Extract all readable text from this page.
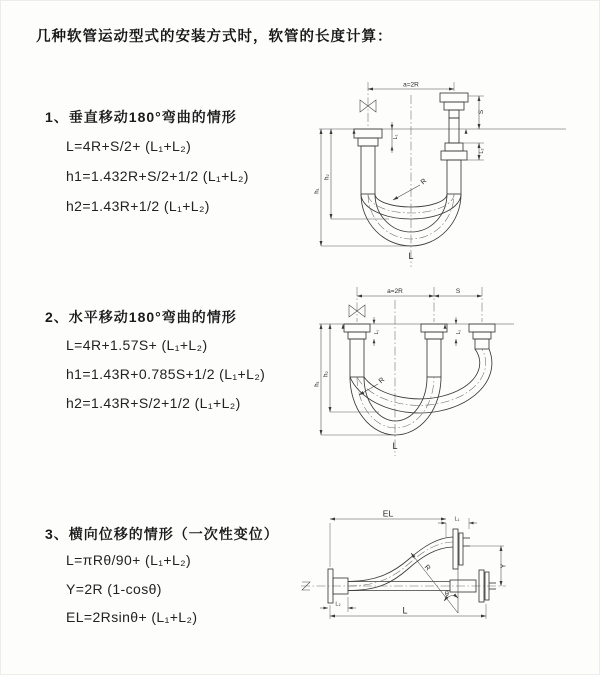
几种软管运动型式的安装方式时，软管的长度计算：
1、垂直移动180°弯曲的情形
L=4R+S/2+ (L₁+L₂)
h1=1.432R+S/2+1/2 (L₁+L₂)
h2=1.43R+1/2 (L₁+L₂)
2、水平移动180°弯曲的情形
L=4R+1.57S+ (L₁+L₂)
h1=1.43R+0.785S+1/2 (L₁+L₂)
h2=1.43R+S/2+1/2 (L₁+L₂)
3、横向位移的情形（一次性变位）
L=πRθ/90+ (L₁+L₂)
Y=2R (1-cosθ)
EL=2Rsinθ+ (L₁+L₂)
a=2R
h₁
h₂
L₁
S
L₂
R
L
a=2R	S
L₁	L₂
h₁
h₂
R
L
EL
L₁
Y
R
θ
L₂
L
